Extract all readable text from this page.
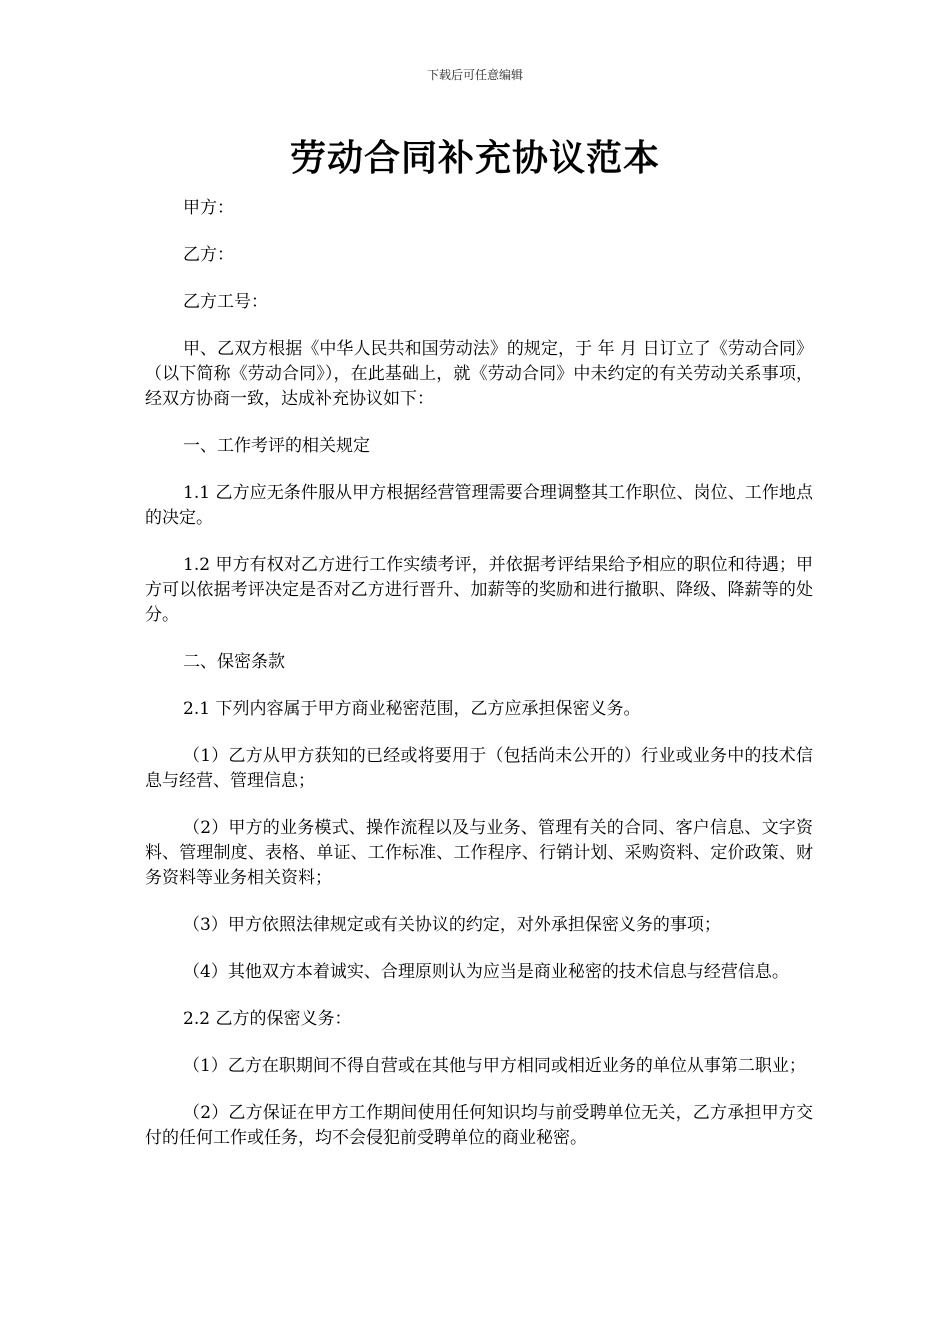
下载后可任意编辑
劳动合同补充协议范本

甲方：

乙方：

乙方工号：

甲、乙双方根据《中华人民共和国劳动法》的规定，于 年 月 日订立了《劳动合同》（以下简称《劳动合同》），在此基础上，就《劳动合同》中未约定的有关劳动关系事项，经双方协商一致，达成补充协议如下：

一、工作考评的相关规定

1.1 乙方应无条件服从甲方根据经营管理需要合理调整其工作职位、岗位、工作地点的决定。

1.2 甲方有权对乙方进行工作实绩考评，并依据考评结果给予相应的职位和待遇；甲方可以依据考评决定是否对乙方进行晋升、加薪等的奖励和进行撤职、降级、降薪等的处分。

二、保密条款

2.1 下列内容属于甲方商业秘密范围，乙方应承担保密义务。

（1）乙方从甲方获知的已经或将要用于（包括尚未公开的）行业或业务中的技术信息与经营、管理信息；

（2）甲方的业务模式、操作流程以及与业务、管理有关的合同、客户信息、文字资料、管理制度、表格、单证、工作标准、工作程序、行销计划、采购资料、定价政策、财务资料等业务相关资料；

（3）甲方依照法律规定或有关协议的约定，对外承担保密义务的事项；

（4）其他双方本着诚实、合理原则认为应当是商业秘密的技术信息与经营信息。

2.2 乙方的保密义务：

（1）乙方在职期间不得自营或在其他与甲方相同或相近业务的单位从事第二职业；

（2）乙方保证在甲方工作期间使用任何知识均与前受聘单位无关，乙方承担甲方交付的任何工作或任务，均不会侵犯前受聘单位的商业秘密。
